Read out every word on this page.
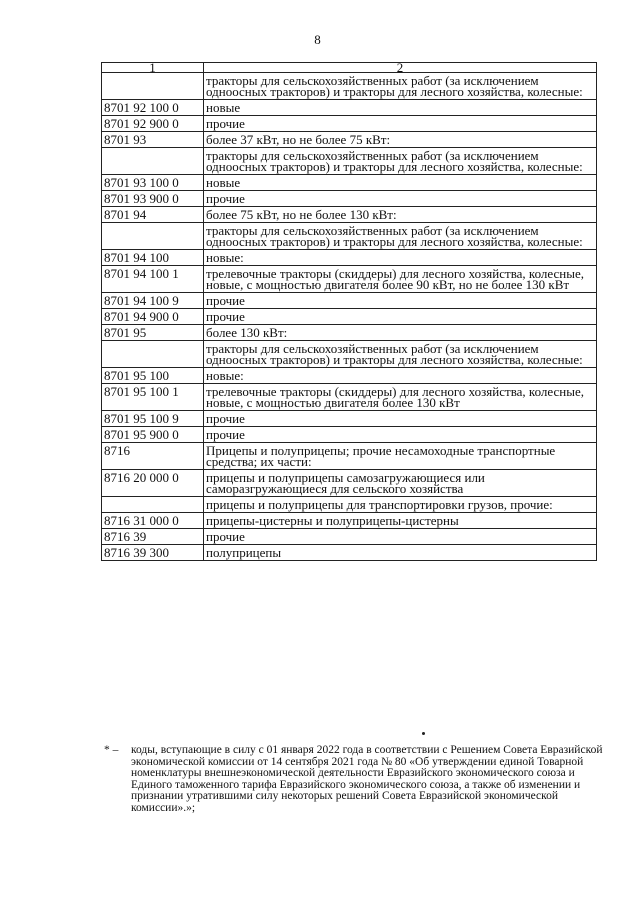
8
1	2
	тракторы для сельскохозяйственных работ (за исключением одноосных тракторов) и тракторы для лесного хозяйства, колесные:
8701 92 100 0	новые
8701 92 900 0	прочие
8701 93	более 37 кВт, но не более 75 кВт:
	тракторы для сельскохозяйственных работ (за исключением одноосных тракторов) и тракторы для лесного хозяйства, колесные:
8701 93 100 0	новые
8701 93 900 0	прочие
8701 94	более 75 кВт, но не более 130 кВт:
	тракторы для сельскохозяйственных работ (за исключением одноосных тракторов) и тракторы для лесного хозяйства, колесные:
8701 94 100	новые:
8701 94 100 1	трелевочные тракторы (скиддеры) для лесного хозяйства, колесные, новые, с мощностью двигателя более 90 кВт, но не более 130 кВт
8701 94 100 9	прочие
8701 94 900 0	прочие
8701 95	более 130 кВт:
	тракторы для сельскохозяйственных работ (за исключением одноосных тракторов) и тракторы для лесного хозяйства, колесные:
8701 95 100	новые:
8701 95 100 1	трелевочные тракторы (скиддеры) для лесного хозяйства, колесные, новые, с мощностью двигателя более 130 кВт
8701 95 100 9	прочие
8701 95 900 0	прочие
8716	Прицепы и полуприцепы; прочие несамоходные транспортные средства; их части:
8716 20 000 0	прицепы и полуприцепы самозагружающиеся или саморазгружающиеся для сельского хозяйства
	прицепы и полуприцепы для транспортировки грузов, прочие:
8716 31 000 0	прицепы-цистерны и полуприцепы-цистерны
8716 39	прочие
8716 39 300	полуприцепы
* –	коды, вступающие в силу с 01 января 2022 года в соответствии с Решением Совета Евразийской экономической комиссии от 14 сентября 2021 года № 80 «Об утверждении единой Товарной номенклатуры внешнеэкономической деятельности Евразийского экономического союза и Единого таможенного тарифа Евразийского экономического союза, а также об изменении и признании утратившими силу некоторых решений Совета Евразийской экономической комиссии».»;
